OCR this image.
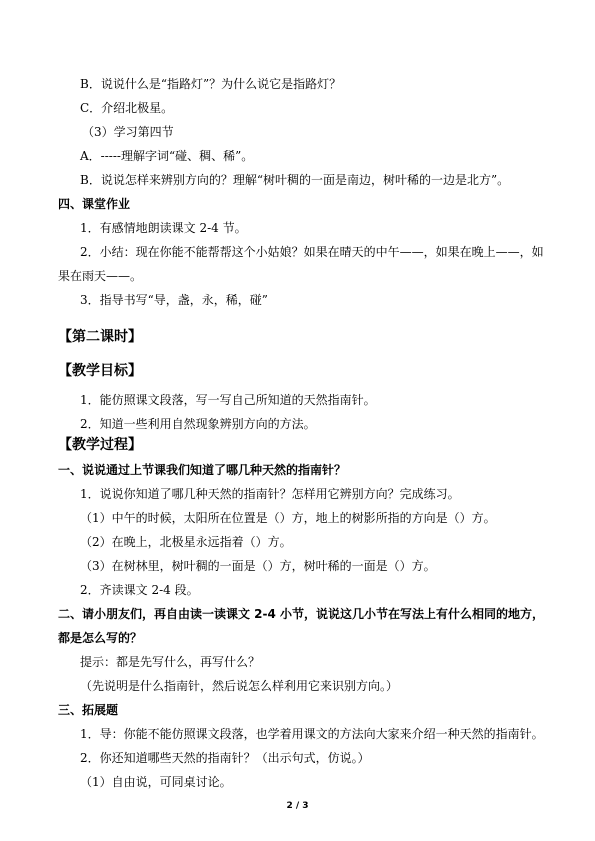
B．说说什么是“指路灯”？为什么说它是指路灯？
C．介绍北极星。
（3）学习第四节
A．-----理解字词“碰、稠、稀”。
B．说说怎样来辨别方向的？理解“树叶稠的一面是南边，树叶稀的一边是北方”。
四、课堂作业
1．有感情地朗读课文 2-4 节。
2．小结：现在你能不能帮帮这个小姑娘？如果在晴天的中午——，如果在晚上——，如
果在雨天——。
3．指导书写“导，盏，永，稀，碰”
【第二课时】
【教学目标】
1．能仿照课文段落，写一写自己所知道的天然指南针。
2．知道一些利用自然现象辨别方向的方法。
【教学过程】
一、说说通过上节课我们知道了哪几种天然的指南针？
1．说说你知道了哪几种天然的指南针？怎样用它辨别方向？完成练习。
（1）中午的时候，太阳所在位置是（）方，地上的树影所指的方向是（）方。
（2）在晚上，北极星永远指着（）方。
（3）在树林里，树叶稠的一面是（）方，树叶稀的一面是（）方。
2．齐读课文 2-4 段。
二、请小朋友们，再自由读一读课文 2-4 小节，说说这几小节在写法上有什么相同的地方，
都是怎么写的？
提示：都是先写什么，再写什么？
（先说明是什么指南针，然后说怎么样利用它来识别方向。）
三、拓展题
1．导：你能不能仿照课文段落，也学着用课文的方法向大家来介绍一种天然的指南针。
2．你还知道哪些天然的指南针？（出示句式，仿说。）
（1）自由说，可同桌讨论。
2 / 3
